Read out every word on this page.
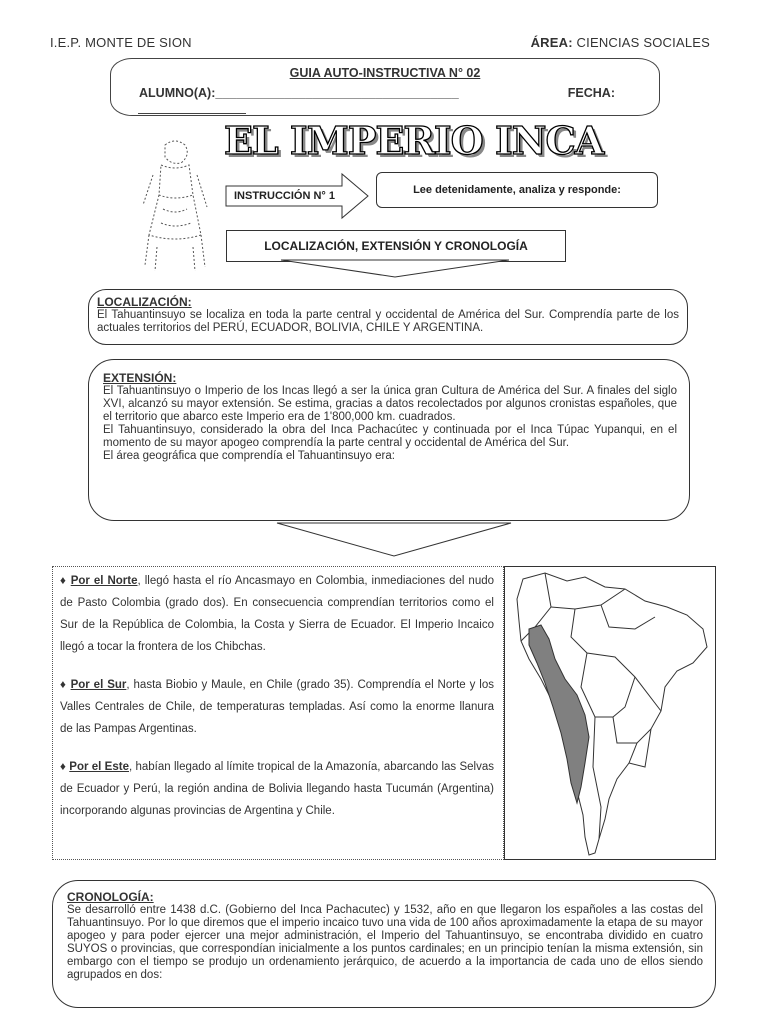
I.E.P. MONTE DE SION	ÁREA: CIENCIAS SOCIALES
GUIA AUTO-INSTRUCTIVA N° 02
ALUMNO(A):___________________________________	FECHA:
EL IMPERIO INCA
INSTRUCCIÓN N° 1	Lee detenidamente, analiza y responde:
LOCALIZACIÓN, EXTENSIÓN Y CRONOLOGÍA
LOCALIZACIÓN:

El Tahuantinsuyo se localiza en toda la parte central y occidental de América del Sur. Comprendía parte de los actuales territorios del PERÚ, ECUADOR, BOLIVIA, CHILE Y ARGENTINA.

EXTENSIÓN:

El Tahuantinsuyo o Imperio de los Incas llegó a ser la única gran Cultura de América del Sur. A finales del siglo XVI, alcanzó su mayor extensión. Se estima, gracias a datos recolectados por algunos cronistas españoles, que el territorio que abarco este Imperio era de 1'800,000 km. cuadrados.

El Tahuantinsuyo, considerado la obra del Inca Pachacútec y continuada por el Inca Túpac Yupanqui, en el momento de su mayor apogeo comprendía la parte central y occidental de América del Sur.

El área geográfica que comprendía el Tahuantinsuyo era:

♦ Por el Norte, llegó hasta el río Ancasmayo en Colombia, inmediaciones del nudo de Pasto Colombia (grado dos). En consecuencia comprendían territorios como el Sur de la República de Colombia, la Costa y Sierra de Ecuador. El Imperio Incaico llegó a tocar la frontera de los Chibchas.
♦ Por el Sur, hasta Biobio y Maule, en Chile (grado 35). Comprendía el Norte y los Valles Centrales de Chile, de temperaturas templadas. Así como la enorme llanura de las Pampas Argentinas.
♦ Por el Este, habían llegado al límite tropical de la Amazonía, abarcando las Selvas de Ecuador y Perú, la región andina de Bolivia llegando hasta Tucumán (Argentina) incorporando algunas provincias de Argentina y Chile.
CRONOLOGÍA:

Se desarrolló entre 1438 d.C. (Gobierno del Inca Pachacutec) y 1532, año en que llegaron los españoles a las costas del Tahuantinsuyo. Por lo que diremos que el imperio incaico tuvo una vida de 100 años aproximadamente la etapa de su mayor apogeo y para poder ejercer una mejor administración, el Imperio del Tahuantinsuyo, se encontraba dividido en cuatro SUYOS o provincias, que correspondían inicialmente a los puntos cardinales; en un principio tenían la misma extensión, sin embargo con el tiempo se produjo un ordenamiento jerárquico, de acuerdo a la importancia de cada uno de ellos siendo agrupados en dos:
